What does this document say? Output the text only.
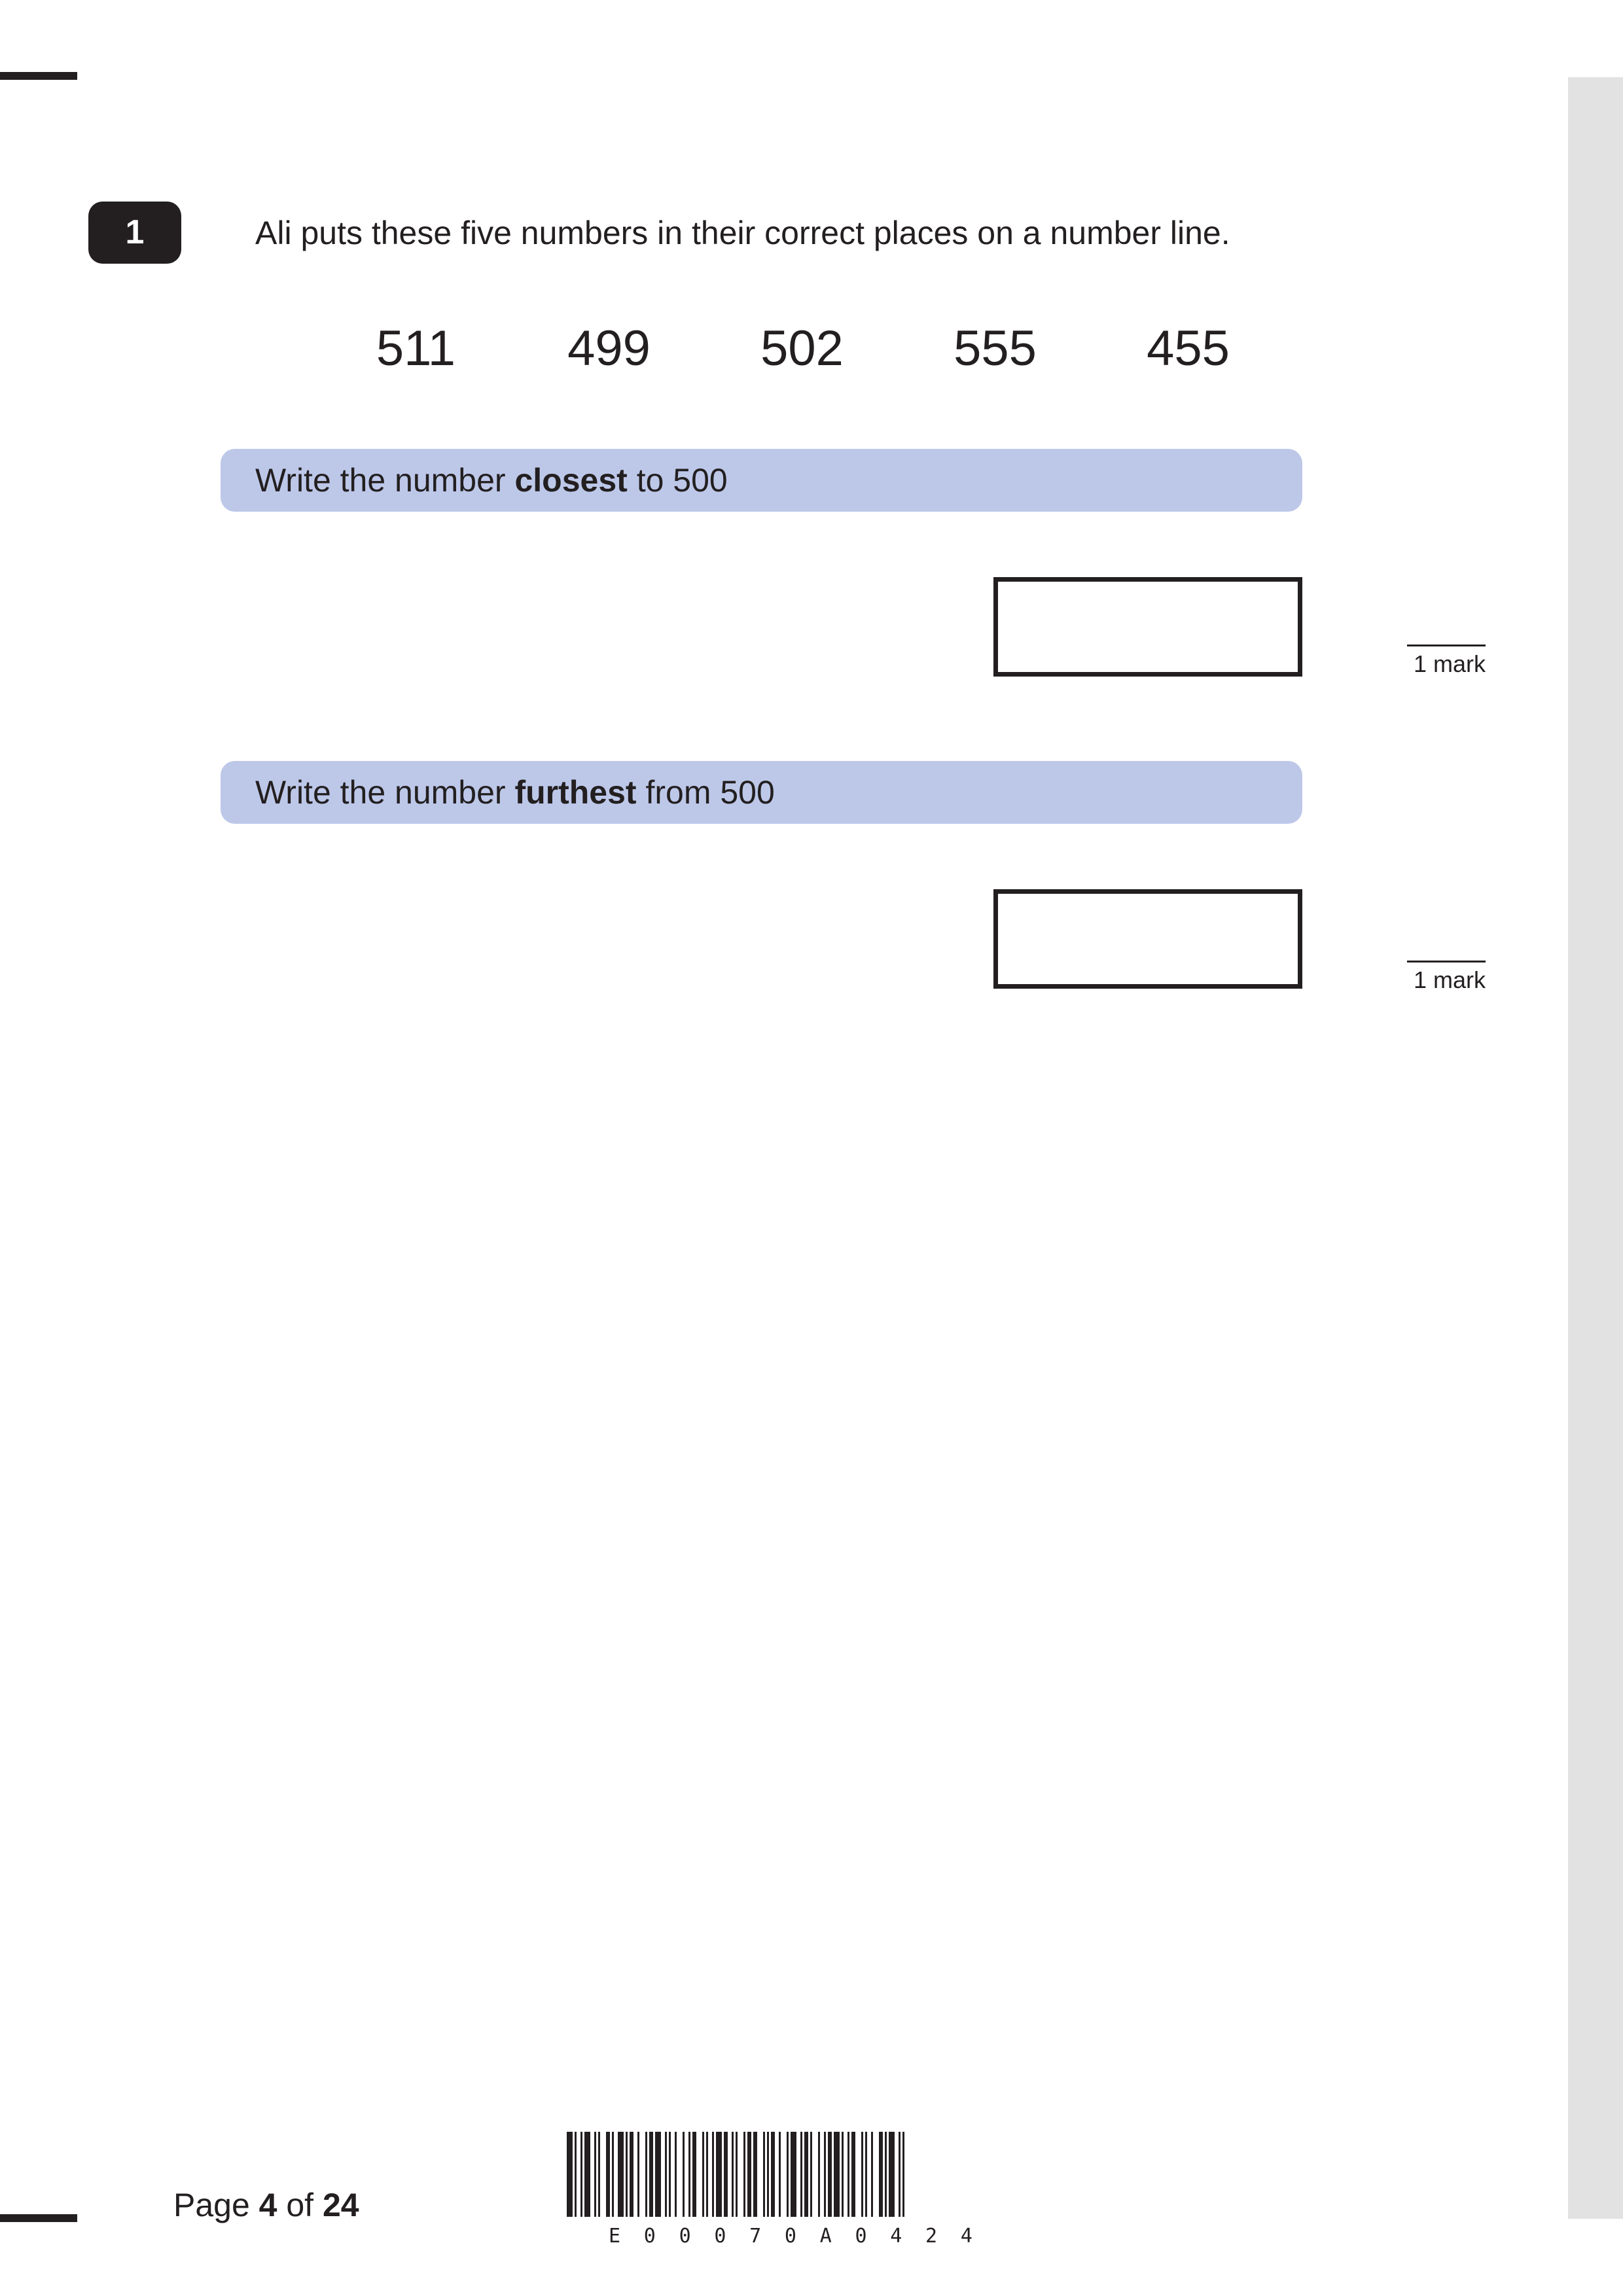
1	Ali puts these five numbers in their correct places on a number line.
511	499	502	555	455
Write the number closest to 500
1 mark
Write the number furthest from 500
1 mark
Page 4 of 24
E 0 0 0 7 0 A 0 4 2 4
